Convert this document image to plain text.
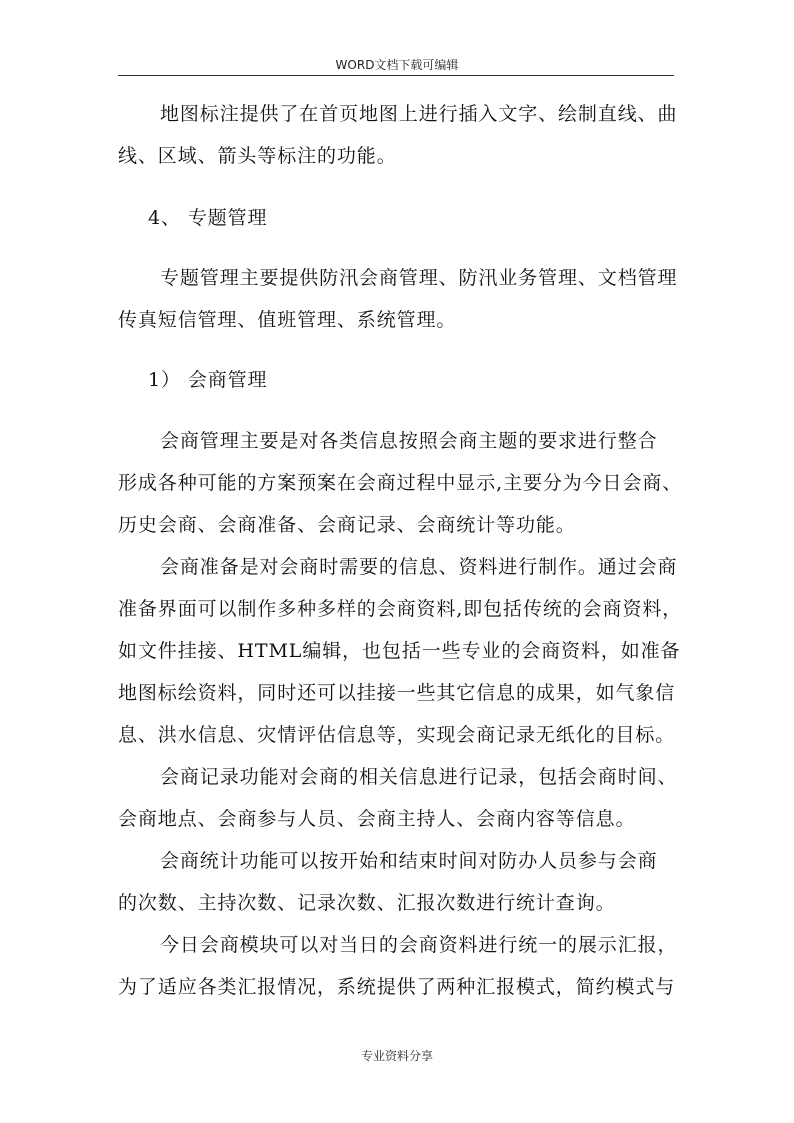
WORD文档下载可编辑
地图标注提供了在首页地图上进行插入文字、绘制直线、曲
线、区域、箭头等标注的功能。
4、 专题管理
专题管理主要提供防汛会商管理、防汛业务管理、文档管理
传真短信管理、值班管理、系统管理。
1） 会商管理
会商管理主要是对各类信息按照会商主题的要求进行整合
形成各种可能的方案预案在会商过程中显示,主要分为今日会商、
历史会商、会商准备、会商记录、会商统计等功能。
会商准备是对会商时需要的信息、资料进行制作。通过会商
准备界面可以制作多种多样的会商资料,即包括传统的会商资料，
如文件挂接、HTML编辑，也包括一些专业的会商资料，如准备
地图标绘资料，同时还可以挂接一些其它信息的成果，如气象信
息、洪水信息、灾情评估信息等，实现会商记录无纸化的目标。
会商记录功能对会商的相关信息进行记录，包括会商时间、
会商地点、会商参与人员、会商主持人、会商内容等信息。
会商统计功能可以按开始和结束时间对防办人员参与会商
的次数、主持次数、记录次数、汇报次数进行统计查询。
今日会商模块可以对当日的会商资料进行统一的展示汇报，
为了适应各类汇报情况，系统提供了两种汇报模式，简约模式与
专业资料分享
